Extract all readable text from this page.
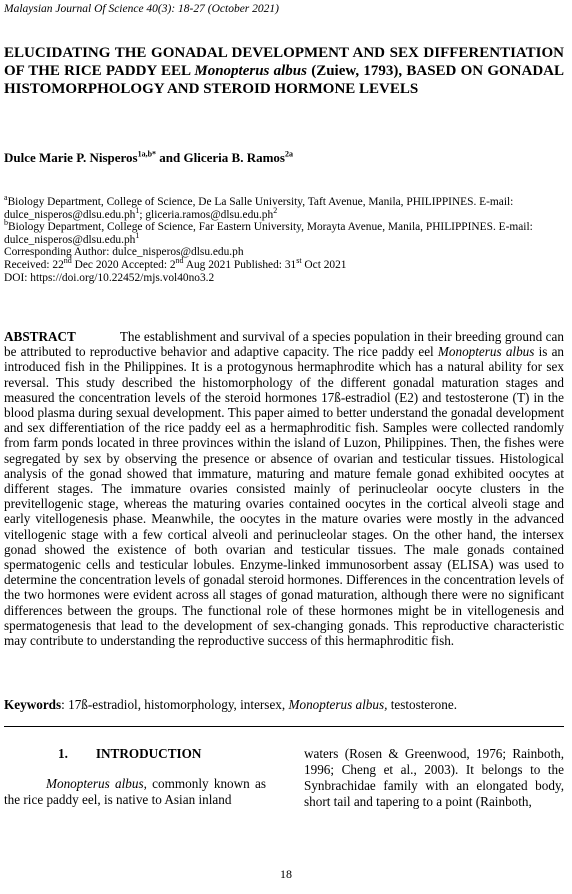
Malaysian Journal Of Science 40(3): 18-27 (October 2021)
ELUCIDATING THE GONADAL DEVELOPMENT AND SEX DIFFERENTIATION OF THE RICE PADDY EEL Monopterus albus (Zuiew, 1793), BASED ON GONADAL HISTOMORPHOLOGY AND STEROID HORMONE LEVELS
Dulce Marie P. Nisperos$^{1a,b*}$ and Gliceria B. Ramos$^{2a}$
$^a$Biology Department, College of Science, De La Salle University, Taft Avenue, Manila, PHILIPPINES. E-mail:
$dulce\_nisperos@dlsu.edu.ph^1$; $gliceria.ramos@dlsu.edu.ph^2$
$^b$Biology Department, College of Science, Far Eastern University, Morayta Avenue, Manila, PHILIPPINES. E-mail:
$dulce\_nisperos@dlsu.edu.ph^1$
Corresponding Author: dulce_nisperos@dlsu.edu.ph
Received: 22nd Dec 2020 Accepted: 2nd Aug 2021 Published: 31st Oct 2021
DOI: https://doi.org/10.22452/mjs.vol40no3.2
ABSTRACT	The establishment and survival of a species population in their breeding ground can be attributed to reproductive behavior and adaptive capacity. The rice paddy eel Monopterus albus is an introduced fish in the Philippines. It is a protogynous hermaphrodite which has a natural ability for sex reversal. This study described the histomorphology of the different gonadal maturation stages and measured the concentration levels of the steroid hormones 17ß-estradiol (E2) and testosterone (T) in the blood plasma during sexual development. This paper aimed to better understand the gonadal development and sex differentiation of the rice paddy eel as a hermaphroditic fish. Samples were collected randomly from farm ponds located in three provinces within the island of Luzon, Philippines. Then, the fishes were segregated by sex by observing the presence or absence of ovarian and testicular tissues. Histological analysis of the gonad showed that immature, maturing and mature female gonad exhibited oocytes at different stages. The immature ovaries consisted mainly of perinucleolar oocyte clusters in the previtellogenic stage, whereas the maturing ovaries contained oocytes in the cortical alveoli stage and early vitellogenesis phase. Meanwhile, the oocytes in the mature ovaries were mostly in the advanced vitellogenic stage with a few cortical alveoli and perinucleolar stages. On the other hand, the intersex gonad showed the existence of both ovarian and testicular tissues. The male gonads contained spermatogenic cells and testicular lobules. Enzyme-linked immunosorbent assay (ELISA) was used to determine the concentration levels of gonadal steroid hormones. Differences in the concentration levels of the two hormones were evident across all stages of gonad maturation, although there were no significant differences between the groups. The functional role of these hormones might be in vitellogenesis and spermatogenesis that lead to the development of sex-changing gonads. This reproductive characteristic may contribute to understanding the reproductive success of this hermaphroditic fish.
Keywords: 17ß-estradiol, histomorphology, intersex, Monopterus albus, testosterone.
1. INTRODUCTION

Monopterus albus, commonly known as the rice paddy eel, is native to Asian inland

waters (Rosen & Greenwood, 1976; Rainboth, 1996; Cheng et al., 2003). It belongs to the Synbrachidae family with an elongated body, short tail and tapering to a point (Rainboth,
18
